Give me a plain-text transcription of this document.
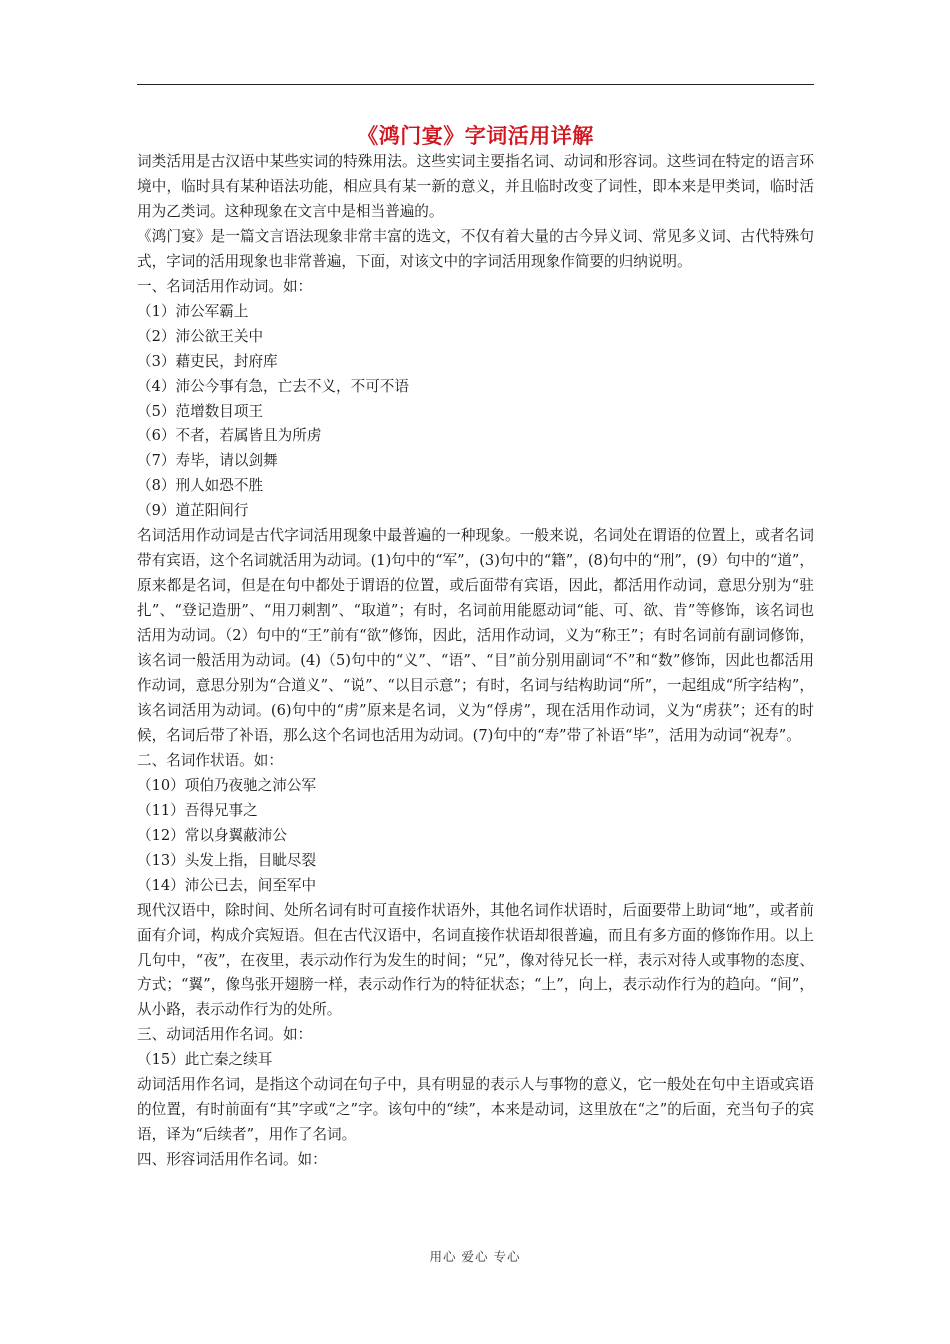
《鸿门宴》字词活用详解

词类活用是古汉语中某些实词的特殊用法。这些实词主要指名词、动词和形容词。这些词在特定的语言环境中，临时具有某种语法功能，相应具有某一新的意义，并且临时改变了词性，即本来是甲类词，临时活用为乙类词。这种现象在文言中是相当普遍的。

《鸿门宴》是一篇文言语法现象非常丰富的选文，不仅有着大量的古今异义词、常见多义词、古代特殊句式，字词的活用现象也非常普遍，下面，对该文中的字词活用现象作简要的归纳说明。

一、名词活用作动词。如：

（1）沛公军霸上

（2）沛公欲王关中

（3）藉吏民，封府库

（4）沛公今事有急，亡去不义，不可不语

（5）范增数目项王

（6）不者，若属皆且为所虏

（7）寿毕，请以剑舞

（8）刑人如恐不胜

（9）道芷阳间行

名词活用作动词是古代字词活用现象中最普遍的一种现象。一般来说，名词处在谓语的位置上，或者名词带有宾语，这个名词就活用为动词。(1)句中的“军”，(3)句中的“籍”，(8)句中的“刑”，(9）句中的“道”，原来都是名词，但是在句中都处于谓语的位置，或后面带有宾语，因此，都活用作动词，意思分别为“驻扎”、“登记造册”、“用刀刺割”、“取道”；有时，名词前用能愿动词“能、可、欲、肯”等修饰，该名词也活用为动词。（2）句中的“王”前有“欲”修饰，因此，活用作动词，义为“称王”；有时名词前有副词修饰，该名词一般活用为动词。(4)（5)句中的“义”、“语”、“目”前分别用副词“不”和“数”修饰，因此也都活用作动词，意思分别为“合道义”、“说”、“以目示意”；有时，名词与结构助词“所”，一起组成“所字结构”，该名词活用为动词。(6)句中的“虏”原来是名词，义为“俘虏”，现在活用作动词，义为“虏获”；还有的时候，名词后带了补语，那么这个名词也活用为动词。(7)句中的“寿”带了补语“毕”，活用为动词“祝寿”。

二、名词作状语。如：

（10）项伯乃夜驰之沛公军

（11）吾得兄事之

（12）常以身翼蔽沛公

（13）头发上指，目眦尽裂

（14）沛公已去，间至军中

现代汉语中，除时间、处所名词有时可直接作状语外，其他名词作状语时，后面要带上助词“地”，或者前面有介词，构成介宾短语。但在古代汉语中，名词直接作状语却很普遍，而且有多方面的修饰作用。以上几句中，“夜”，在夜里，表示动作行为发生的时间；“兄”，像对待兄长一样，表示对待人或事物的态度、方式；“翼”，像鸟张开翅膀一样，表示动作行为的特征状态；“上”，向上，表示动作行为的趋向。“间”，从小路，表示动作行为的处所。

三、动词活用作名词。如：

（15）此亡秦之续耳

动词活用作名词，是指这个动词在句子中，具有明显的表示人与事物的意义，它一般处在句中主语或宾语的位置，有时前面有“其”字或“之”字。该句中的“续”，本来是动词，这里放在“之”的后面，充当句子的宾语，译为“后续者”，用作了名词。

四、形容词活用作名词。如：

用心 爱心 专心
